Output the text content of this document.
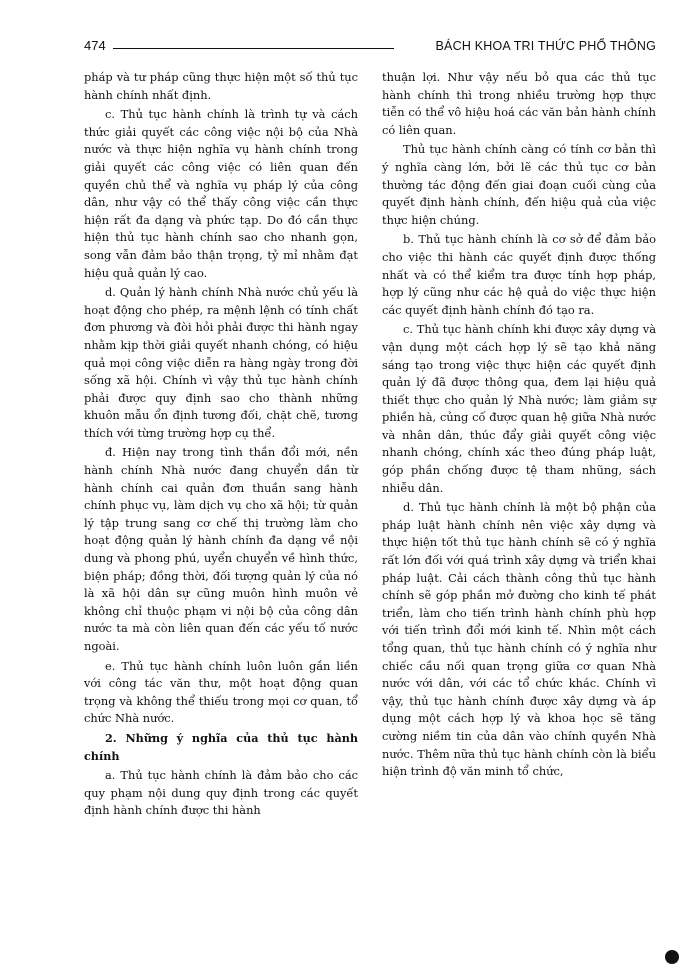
474	BÁCH KHOA TRI THỨC PHỔ THÔNG

pháp và tư pháp cũng thực hiện một số thủ tục hành chính nhất định.

c. Thủ tục hành chính là trình tự và cách thức giải quyết các công việc nội bộ của Nhà nước và thực hiện nghĩa vụ hành chính trong giải quyết các công việc có liên quan đến quyền chủ thể và nghĩa vụ pháp lý của công dân, như vậy có thể thấy công việc cần thực hiện rất đa dạng và phức tạp. Do đó cần thực hiện thủ tục hành chính sao cho nhanh gọn, song vẫn đảm bảo thận trọng, tỷ mỉ nhằm đạt hiệu quả quản lý cao.

d. Quản lý hành chính Nhà nước chủ yếu là hoạt động cho phép, ra mệnh lệnh có tính chất đơn phương và đòi hỏi phải được thi hành ngay nhằm kịp thời giải quyết nhanh chóng, có hiệu quả mọi công việc diễn ra hàng ngày trong đời sống xã hội. Chính vì vậy thủ tục hành chính phải được quy định sao cho thành những khuôn mẫu ổn định tương đối, chặt chẽ, tương thích với từng trường hợp cụ thể.

đ. Hiện nay trong tình thần đổi mới, nền hành chính Nhà nước đang chuyển dần từ hành chính cai quản đơn thuần sang hành chính phục vụ, làm dịch vụ cho xã hội; từ quản lý tập trung sang cơ chế thị trường làm cho hoạt động quản lý hành chính đa dạng về nội dung và phong phú, uyển chuyển về hình thức, biện pháp; đồng thời, đối tượng quản lý của nó là xã hội dân sự cũng muôn hình muôn vẻ không chỉ thuộc phạm vi nội bộ của công dân nước ta mà còn liên quan đến các yếu tố nước ngoài.

e. Thủ tục hành chính luôn luôn gắn liền với công tác văn thư, một hoạt động quan trọng và không thể thiếu trong mọi cơ quan, tổ chức Nhà nước.

2. Những ý nghĩa của thủ tục hành chính

a. Thủ tục hành chính là đảm bảo cho các quy phạm nội dung quy định trong các quyết định hành chính được thi hành

thuận lợi. Như vậy nếu bỏ qua các thủ tục hành chính thì trong nhiều trường hợp thực tiễn có thể vô hiệu hoá các văn bản hành chính có liên quan.

Thủ tục hành chính càng có tính cơ bản thì ý nghĩa càng lớn, bởi lẽ các thủ tục cơ bản thường tác động đến giai đoạn cuối cùng của quyết định hành chính, đến hiệu quả của việc thực hiện chúng.

b. Thủ tục hành chính là cơ sở để đảm bảo cho việc thi hành các quyết định được thống nhất và có thể kiểm tra được tính hợp pháp, hợp lý cũng như các hệ quả do việc thực hiện các quyết định hành chính đó tạo ra.

c. Thủ tục hành chính khi được xây dựng và vận dụng một cách hợp lý sẽ tạo khả năng sáng tạo trong việc thực hiện các quyết định quản lý đã được thông qua, đem lại hiệu quả thiết thực cho quản lý Nhà nước; làm giảm sự phiền hà, củng cố được quan hệ giữa Nhà nước và nhân dân, thúc đẩy giải quyết công việc nhanh chóng, chính xác theo đúng pháp luật, góp phần chống được tệ tham nhũng, sách nhiễu dân.

d. Thủ tục hành chính là một bộ phận của pháp luật hành chính nên việc xây dựng và thực hiện tốt thủ tục hành chính sẽ có ý nghĩa rất lớn đối với quá trình xây dựng và triển khai pháp luật. Cải cách thành công thủ tục hành chính sẽ góp phần mở đường cho kinh tế phát triển, làm cho tiến trình hành chính phù hợp với tiến trình đổi mới kinh tế. Nhìn một cách tổng quan, thủ tục hành chính có ý nghĩa như chiếc cầu nối quan trọng giữa cơ quan Nhà nước với dân, với các tổ chức khác. Chính vì vậy, thủ tục hành chính được xây dựng và áp dụng một cách hợp lý và khoa học sẽ tăng cường niềm tin của dân vào chính quyền Nhà nước. Thêm nữa thủ tục hành chính còn là biểu hiện trình độ văn minh tổ chức,
